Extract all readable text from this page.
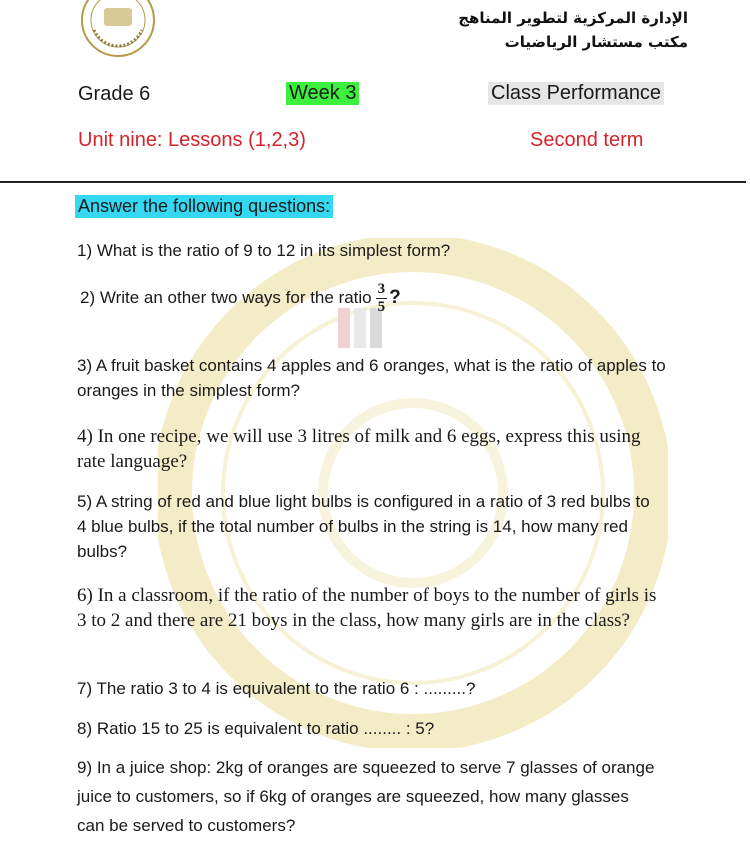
الإدارة المركزية لتطوير المناهج
مكتب مستشار الرياضيات
Grade 6	Week 3	Class Performance
Unit nine: Lessons (1,2,3)	Second term
Answer the following questions:
1) What is the ratio of 9 to 12 in its simplest form?
2) Write an other two ways for the ratio $\frac{3}{5}$ ?
3) A fruit basket contains 4 apples and 6 oranges, what is the ratio of apples to oranges in the simplest form?
4) In one recipe, we will use 3 litres of milk and 6 eggs, express this using rate language?
5) A string of red and blue light bulbs is configured in a ratio of 3 red bulbs to 4 blue bulbs, if the total number of bulbs in the string is 14, how many red bulbs?
6) In a classroom, if the ratio of the number of boys to the number of girls is 3 to 2 and there are 21 boys in the class, how many girls are in the class?
7) The ratio 3 to 4 is equivalent to the ratio 6 : .........?
8) Ratio 15 to 25 is equivalent to ratio ........ : 5?
9) In a juice shop: 2kg of oranges are squeezed to serve 7 glasses of orange juice to customers, so if 6kg of oranges are squeezed, how many glasses can be served to customers?
